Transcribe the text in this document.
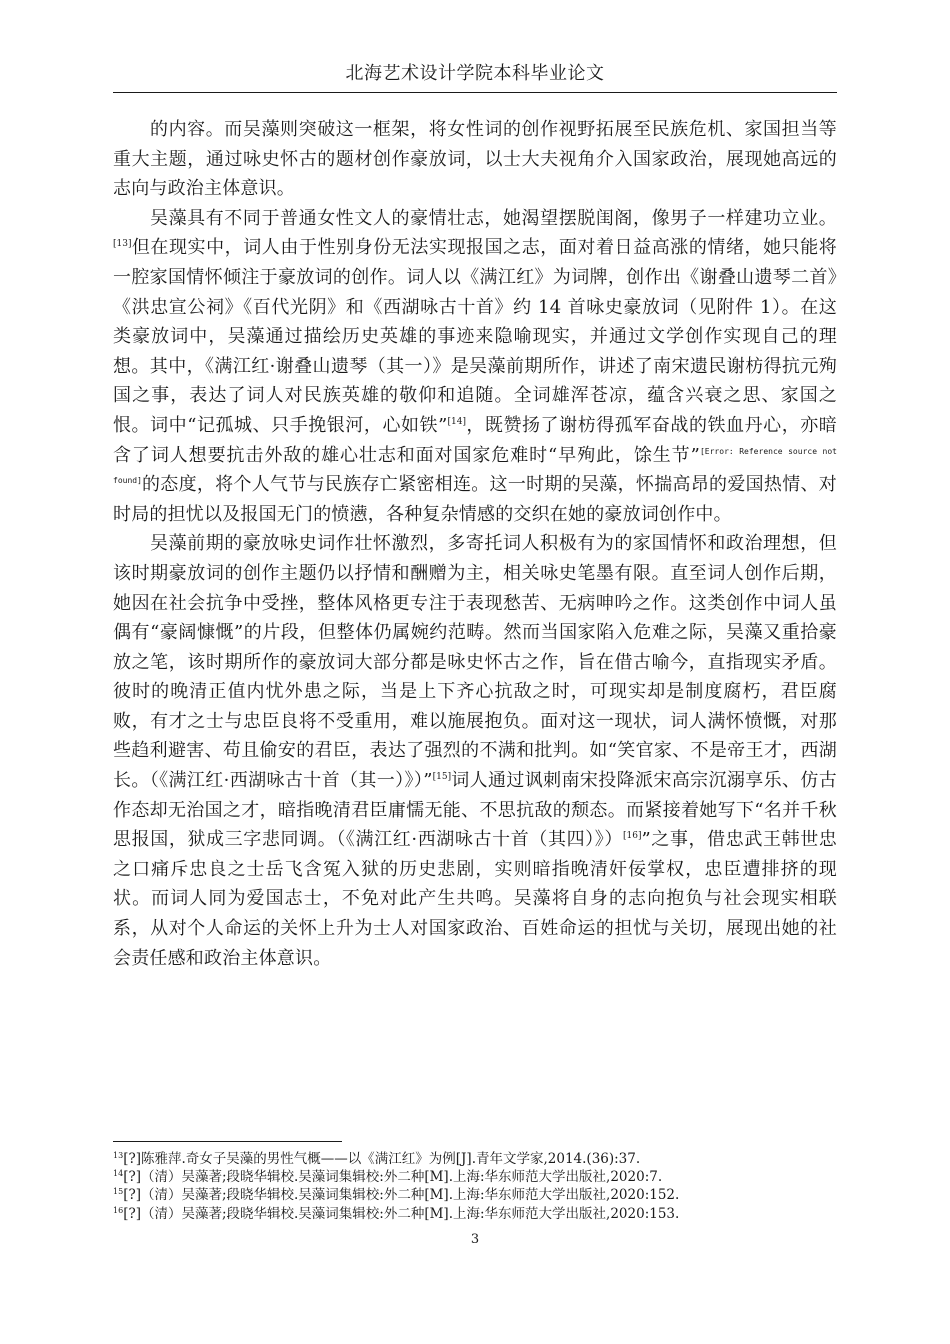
北海艺术设计学院本科毕业论文

的内容。而吴藻则突破这一框架，将女性词的创作视野拓展至民族危机、家国担当等重大主题，通过咏史怀古的题材创作豪放词，以士大夫视角介入国家政治，展现她高远的志向与政治主体意识。

吴藻具有不同于普通女性文人的豪情壮志，她渴望摆脱闺阁，像男子一样建功立业。[13]但在现实中，词人由于性别身份无法实现报国之志，面对着日益高涨的情绪，她只能将一腔家国情怀倾注于豪放词的创作。词人以《满江红》为词牌，创作出《谢叠山遗琴二首》《洪忠宣公祠》《百代光阴》和《西湖咏古十首》约 14 首咏史豪放词（见附件 1）。在这类豪放词中，吴藻通过描绘历史英雄的事迹来隐喻现实，并通过文学创作实现自己的理想。其中，《满江红·谢叠山遗琴（其一）》是吴藻前期所作，讲述了南宋遗民谢枋得抗元殉国之事，表达了词人对民族英雄的敬仰和追随。全词雄浑苍凉，蕴含兴衰之思、家国之恨。词中“记孤城、只手挽银河，心如铁”[14]，既赞扬了谢枋得孤军奋战的铁血丹心，亦暗含了词人想要抗击外敌的雄心壮志和面对国家危难时“早殉此，馀生节”[Error: Reference source not found]的态度，将个人气节与民族存亡紧密相连。这一时期的吴藻，怀揣高昂的爱国热情、对时局的担忧以及报国无门的愤懑，各种复杂情感的交织在她的豪放词创作中。

吴藻前期的豪放咏史词作壮怀激烈，多寄托词人积极有为的家国情怀和政治理想，但该时期豪放词的创作主题仍以抒情和酬赠为主，相关咏史笔墨有限。直至词人创作后期，她因在社会抗争中受挫，整体风格更专注于表现愁苦、无病呻吟之作。这类创作中词人虽偶有“豪阔慷慨”的片段，但整体仍属婉约范畴。然而当国家陷入危难之际，吴藻又重拾豪放之笔，该时期所作的豪放词大部分都是咏史怀古之作，旨在借古喻今，直指现实矛盾。彼时的晚清正值内忧外患之际，当是上下齐心抗敌之时，可现实却是制度腐朽，君臣腐败，有才之士与忠臣良将不受重用，难以施展抱负。面对这一现状，词人满怀愤慨，对那些趋利避害、苟且偷安的君臣，表达了强烈的不满和批判。如“笑官家、不是帝王才，西湖长。（《满江红·西湖咏古十首（其一）》）”[15]词人通过讽刺南宋投降派宋高宗沉溺享乐、仿古作态却无治国之才，暗指晚清君臣庸懦无能、不思抗敌的颓态。而紧接着她写下“名并千秋思报国，狱成三字悲同调。（《满江红·西湖咏古十首（其四）》）[16]”之事，借忠武王韩世忠之口痛斥忠良之士岳飞含冤入狱的历史悲剧，实则暗指晚清奸佞掌权，忠臣遭排挤的现状。而词人同为爱国志士，不免对此产生共鸣。吴藻将自身的志向抱负与社会现实相联系，从对个人命运的关怀上升为士人对国家政治、百姓命运的担忧与关切，展现出她的社会责任感和政治主体意识。

$^{13}$[?]陈雅萍.奇女子吴藻的男性气概——以《满江红》为例[J].青年文学家,2014.(36):37.
$^{14}$[?]（清）吴藻著;段晓华辑校.吴藻词集辑校:外二种[M].上海:华东师范大学出版社,2020:7.
$^{15}$[?]（清）吴藻著;段晓华辑校.吴藻词集辑校:外二种[M].上海:华东师范大学出版社,2020:152.
$^{16}$[?]（清）吴藻著;段晓华辑校.吴藻词集辑校:外二种[M].上海:华东师范大学出版社,2020:153.
3
